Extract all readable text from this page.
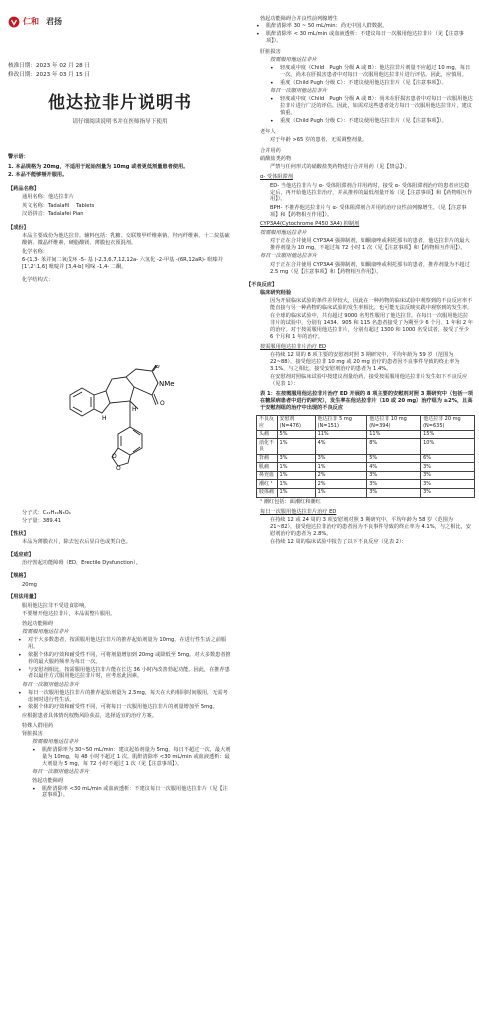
仁和 君扬
核准日期：2023 年 02 月 28 日
修改日期：2023 年 03 月 15 日
他达拉非片说明书
请仔细阅读说明书并在医师指导下使用
警示语：
1. 本品规格为 20mg，不适用于起始剂量为 10mg 或者更低剂量患者使用。
2. 本品不能够掰开服用。
【药品名称】
通用名称：他达拉非片
英文名称：Tadalafil　 Tablets
汉语拼音：Tadalafei Pian
【成份】
本品主要成份为他达拉非。辅料包括：乳糖、交联羧甲纤维素钠、羟丙纤维素、十二烷基硫酸钠、微晶纤维素、硬脂酸镁、薄膜包衣预混剂。
化学名称：
6-(1,3- 苯并间二氧戊环 -5- 基 )-2,3,6,7,12,12a- 六氢化 -2-甲基 -(6R,12aR)- 吡嗪并 [1',2':1,6] 吡啶并 [3,4-b] 吲哚 -1,4- 二酮。
化学结构式：
H
NMe
H
O
O
O
O
分子式：C₂₂H₁₉N₃O₄
分子量：389.41
【性状】
本品为薄膜衣片，除去包衣后显白色或类白色。
【适应症】
治疗勃起功能障碍（ED，Erectile Dysfunction）。
【规格】
20mg
【用法用量】
服用他达拉非不受进食影响。
不要掰开他达拉非片，本品需整片服用。
勃起功能障碍
按需服用他达拉非片
• 对于大多数患者，按需服用他达拉非片的推荐起始剂量为 10mg，在进行性生活之前服用。
• 依据个体的疗效和耐受性不同，可将剂量增加到 20mg 或降低至 5mg。对大多数患者推荐的最大服药频率为每日一次。
• 与安慰剂相比，按需服用他达拉非片能在长达 36 小时内改善勃起功能。因此，在推荐患者以最佳方式服用他达拉非片时，应考虑此因素。
每日一次服用他达拉非片
• 每日一次服用他达拉非片的推荐起始剂量为 2.5mg，每天在大约相同时间服用，无需考虑何时进行性生活。
• 依据个体的疗效和耐受性不同，可将每日一次服用他达拉非片的剂量增加至 5mg。
应根据患者具体情况权衡风险获益，选择适宜的治疗方案。
特殊人群用药
肾脏损害
按需服用他达拉非片
• 肌酐清除率为 30~50 mL/min：建议起始剂量为 5mg，每日不超过一次，最大剂量为 10mg，每 48 小时不超过 1 次。肌酐清除率 <30 mL/min 或血液透析：最大剂量为 5 mg，每 72 小时不超过 1 次（见【注意事项】）。
每日一次服用他达拉非片
勃起功能障碍
• 肌酐清除率 <30 mL/min 或血液透析：不建议每日一次服用他达拉非片（见【注意事项】）。
勃起功能障碍合并良性前列腺增生
• 肌酐清除率 30 ~ 50 mL/min：尚无中国人群数据。
• 肌酐清除率 < 30 mL/min 或血液透析：不建议每日一次服用他达拉非片（见【注意事项】）。
肝脏损害
按需服用他达拉非片
• 轻度或中度（Child　Pugh 分级 A 或 B）：他达拉非片剂量不应超过 10 mg，每日一次。尚未在肝损害患者中对每日一次服用他达拉非片进行评估。因此，应慎用。
• 重度（Child Pugh 分级 C）：不建议使用他达拉非片（见【注意事项】）。
每日一次服用他达拉非片
• 轻度或中度（Child　Pugh 分级 A 或 B）：尚未在肝损害患者中对每日一次服用他达拉非片进行广泛的评估。因此，如需对这些患者处方每日一次服用他达拉非片，建议慎重。
• 重度（Child Pugh 分级 C）：不建议使用他达拉非片（见【注意事项】）。
老年人
对于年龄 >65 岁的患者，无需调整剂量。
合并用药
硝酸盐类药物
严禁与任何形式的硝酸盐类药物进行合并用药（见【禁忌】）。
α- 受体阻滞剂
ED- 当他达拉非片与 α- 受体阻滞剂合并用药时，接受 α- 受体阻滞剂治疗的患者应达稳定后，再开始他达拉非治疗，并从推荐的最低剂量开始（见【注意事项】和【药物相互作用】）。
BPH- 不推荐他达拉非片与 α- 受体阻滞剂合并用药治疗良性前列腺增生。（见【注意事项】和【药物相互作用】）。
CYP3A4(Cytochrome P450 3A4) 抑制剂
按需服用他达拉非片
对于正在合并使用 CYP3A4 强抑制剂，如酮康唑或利托那韦的患者，他达拉非片的最大推荐剂量为 10 mg，不超过每 72 小时 1 次（见【注意事项】和【药物相互作用】）。
每日一次服用他达拉非片
对于正在合并使用 CYP3A4 强抑制剂，如酮康唑或利托那韦的患者，推荐剂量为不超过 2.5 mg（见【注意事项】和【药物相互作用】）。
【不良反应】
临床研究经验
因为开展临床试验的条件差异较大，因此在一种药物的临床试验中观察到的不良反应率不能直接与另一种药物的临床试验的发生率相比，也可能无法反映实践中观察到的发生率。
在全球的临床试验中，共有超过 9000 名男性服用了他达拉非。在每日一次服用他达拉非片的试验中，分别有 1434、905 和 115 名患者接受了为期至少 6 个月、1 年和 2 年的治疗。对于按需服用他达拉非片，分别有超过 1300 和 1000 名受试者，接受了至少 6 个月和 1 年的治疗。
按需服用他达拉非片治疗 ED
在持续 12 周的 8 项主要的安慰剂对照 3 期研究中，平均年龄为 59 岁（范围为 22~88），接受他达拉非 10 mg 或 20 mg 治疗的患者因不良事件导致的终止率为 3.1%，与之相比，接受安慰剂治疗的患者为 1.4%。
在安慰剂对照临床试验中按建议剂量给药，接受按需服用他达拉非片发生如下不良反应（见表 1）：
表 1：在按需服用他达拉非片治疗 ED 开展的 8 项主要的安慰剂对照 3 期研究中（包括一项在糖尿病患者中进行的研究），发生率在他达拉非片（10 或 20 mg）治疗组为 ≥2%，且高于安慰剂组的治疗中出现的不良反应
不良反应	安慰剂 (N=476)	他达拉非 5 mg (N=151)	他达拉非 10 mg (N=394)	他达拉非 20 mg (N=635)
头痛	5%	11%	11%	15%
消化不良	1%	4%	8%	10%
背痛	3%	3%	5%	6%
肌痛	1%	1%	4%	3%
鼻充血	1%	2%	3%	3%
潮红 ¹	1%	2%	3%	3%
肢体痛	1%	1%	3%	3%
¹ 潮红包括：面潮红和潮红
每日一次服用他达拉非片治疗 ED
在持续 12 或 24 周的 3 项安慰剂对照 3 期研究中，平均年龄为 58 岁（范围为 21~82），接受他达拉非治疗的患者因为不良事件导致的终止率为 4.1%，与之相比，安慰剂治疗的患者为 2.8%。
在持续 12 周的临床试验中报告了以下不良反应（见表 2）：
